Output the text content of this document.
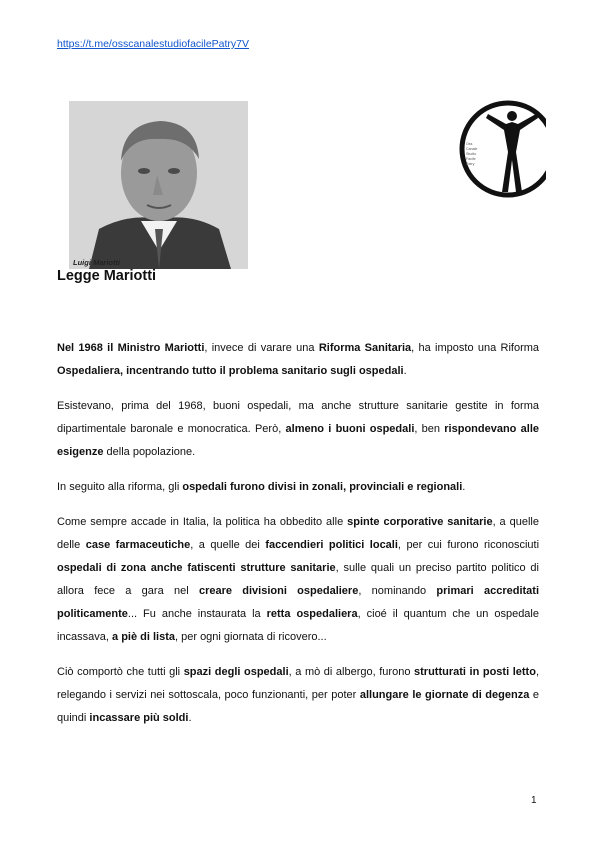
https://t.me/osscanalestudiofacilePatry7V
Luigi Mariotti
Oss
Canale
Studio
Facile
Patry
Legge Mariotti

Nel 1968 il Ministro Mariotti, invece di varare una Riforma Sanitaria, ha imposto una Riforma Ospedaliera, incentrando tutto il problema sanitario sugli ospedali.

Esistevano, prima del 1968, buoni ospedali, ma anche strutture sanitarie gestite in forma dipartimentale baronale e monocratica. Però, almeno i buoni ospedali, ben rispondevano alle esigenze della popolazione.

In seguito alla riforma, gli ospedali furono divisi in zonali, provinciali e regionali.

Come sempre accade in Italia, la politica ha obbedito alle spinte corporative sanitarie, a quelle delle case farmaceutiche, a quelle dei faccendieri politici locali, per cui furono riconosciuti ospedali di zona anche fatiscenti strutture sanitarie, sulle quali un preciso partito politico di allora fece a gara nel creare divisioni ospedaliere, nominando primari accreditati politicamente... Fu anche instaurata la retta ospedaliera, cioé il quantum che un ospedale incassava, a piè di lista, per ogni giornata di ricovero...

Ciò comportò che tutti gli spazi degli ospedali, a mò di albergo, furono strutturati in posti letto, relegando i servizi nei sottoscala, poco funzionanti, per poter allungare le giornate di degenza e quindi incassare più soldi.

1
